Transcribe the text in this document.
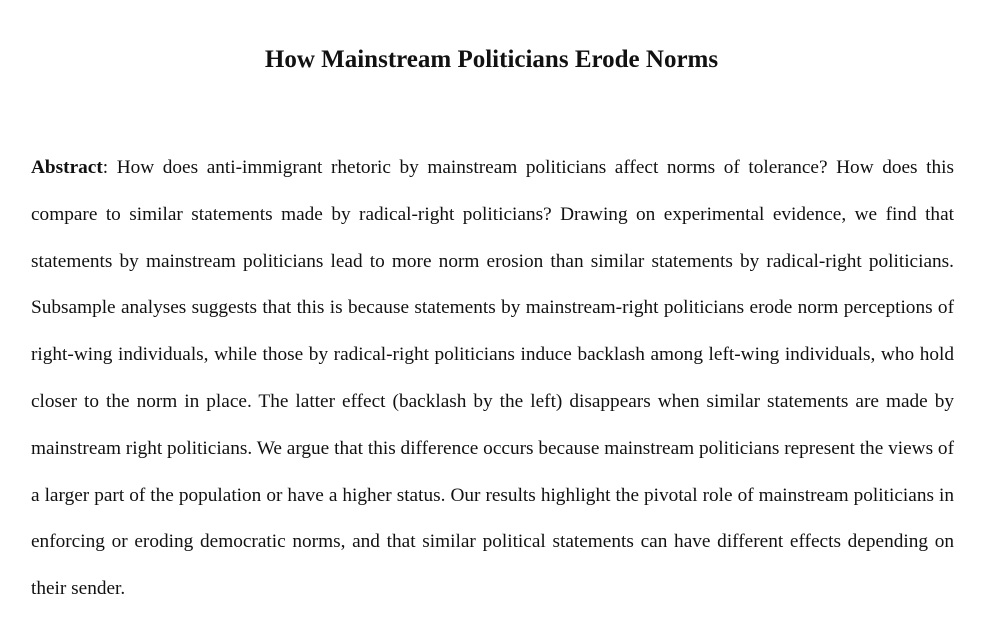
How Mainstream Politicians Erode Norms

Abstract: How does anti-immigrant rhetoric by mainstream politicians affect norms of tolerance? How does this compare to similar statements made by radical-right politicians? Drawing on experimental evidence, we find that statements by mainstream politicians lead to more norm erosion than similar statements by radical-right politicians. Subsample analyses suggests that this is because statements by mainstream-right politicians erode norm perceptions of right-wing individuals, while those by radical-right politicians induce backlash among left-wing individuals, who hold closer to the norm in place. The latter effect (backlash by the left) disappears when similar statements are made by mainstream right politicians. We argue that this difference occurs because mainstream politicians represent the views of a larger part of the population or have a higher status. Our results highlight the pivotal role of mainstream politicians in enforcing or eroding democratic norms, and that similar political statements can have different effects depending on their sender.
